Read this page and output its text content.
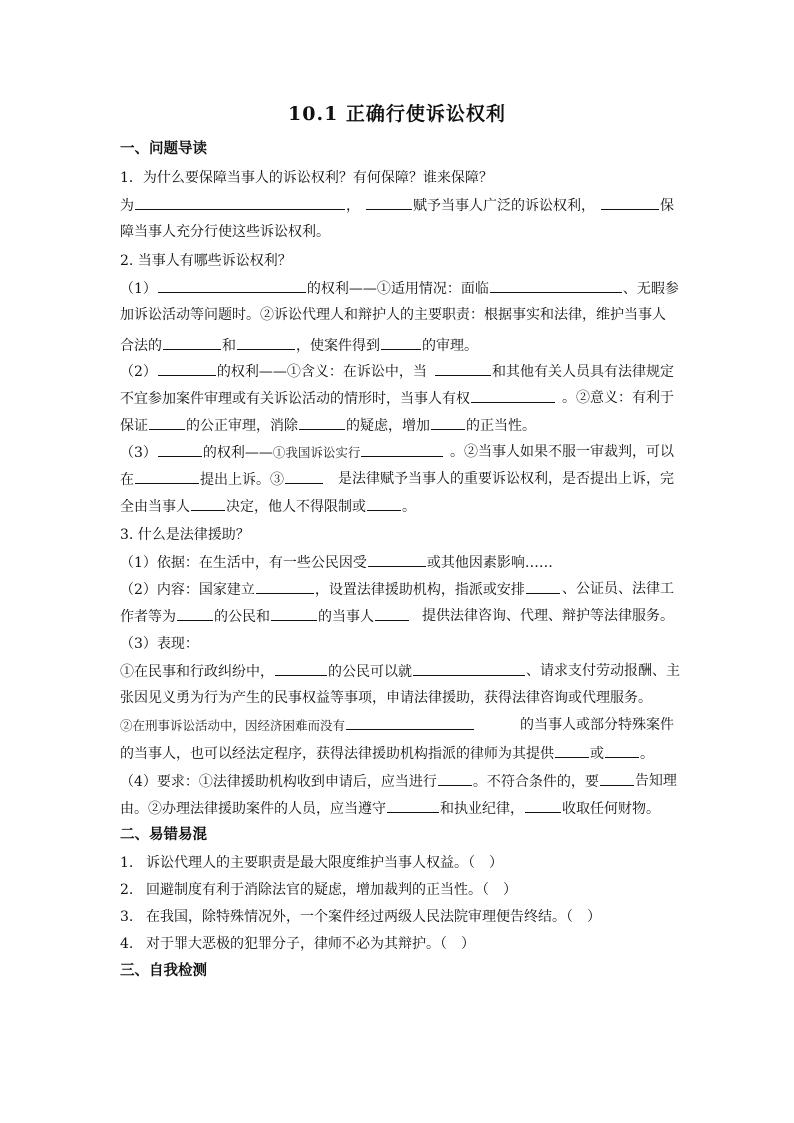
10.1 正确行使诉讼权利
一、问题导读
1．为什么要保障当事人的诉讼权利？有何保障？谁来保障？
为	，	赋予当事人广泛的诉讼权利，	保
障当事人充分行使这些诉讼权利。
2. 当事人有哪些诉讼权利？
（1）	的权利——①适用情况：面临	、无暇参
加诉讼活动等问题时。②诉讼代理人和辩护人的主要职责：根据事实和法律，维护当事人
合法的	和	，使案件得到	的审理。
（2）	的权利——①含义：在诉讼中，当	和其他有关人员具有法律规定
不宜参加案件审理或有关诉讼活动的情形时，当事人有权	。②意义：有利于
保证	的公正审理，消除	的疑虑，增加	的正当性。
（3）	的权利——①我国诉讼实行	。②当事人如果不服一审裁判，可以
在	提出上诉。③	是法律赋予当事人的重要诉讼权利，是否提出上诉，完
全由当事人	决定，他人不得限制或	。
3. 什么是法律援助？
（1）依据：在生活中，有一些公民因受	或其他因素影响……
（2）内容：国家建立	，设置法律援助机构，指派或安排	、公证员、法律工
作者等为	的公民和	的当事人	提供法律咨询、代理、辩护等法律服务。
（3）表现：
①在民事和行政纠纷中，	的公民可以就	、请求支付劳动报酬、主
张因见义勇为行为产生的民事权益等事项，申请法律援助，获得法律咨询或代理服务。
②在刑事诉讼活动中，因经济困难而没有	的当事人或部分特殊案件
的当事人，也可以经法定程序，获得法律援助机构指派的律师为其提供	或	。
（4）要求：①法律援助机构收到申请后，应当进行	。不符合条件的，要	告知理
由。②办理法律援助案件的人员，应当遵守	和执业纪律，	收取任何财物。
二、易错易混
1. 诉讼代理人的主要职责是最大限度维护当事人权益。（　）
2. 回避制度有利于消除法官的疑虑，增加裁判的正当性。（　）
3. 在我国，除特殊情况外，一个案件经过两级人民法院审理便告终结。（　）
4. 对于罪大恶极的犯罪分子，律师不必为其辩护。（　）
三、自我检测
